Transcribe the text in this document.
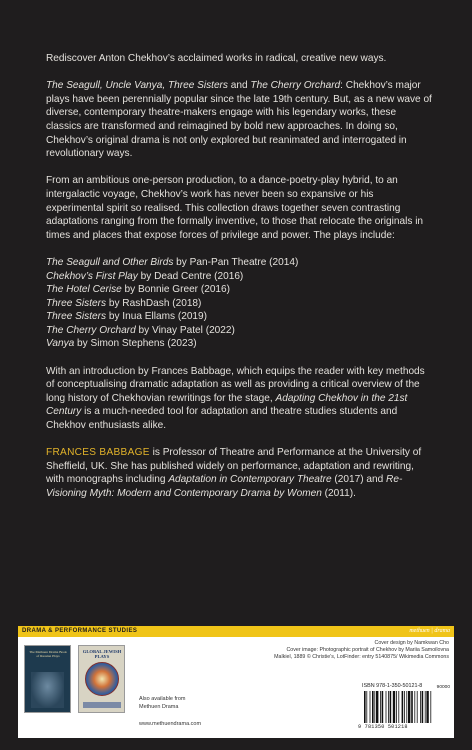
Rediscover Anton Chekhov’s acclaimed works in radical, creative new ways.

The Seagull, Uncle Vanya, Three Sisters and The Cherry Orchard: Chekhov’s major plays have been perennially popular since the late 19th century. But, as a new wave of diverse, contemporary theatre-makers engage with his legendary works, these classics are transformed and reimagined by bold new approaches. In doing so, Chekhov’s original drama is not only explored but reanimated and interrogated in revolutionary ways.

From an ambitious one-person production, to a dance-poetry-play hybrid, to an intergalactic voyage, Chekhov’s work has never been so expansive or his experimental spirit so realised. This collection draws together seven contrasting adaptations ranging from the formally inventive, to those that relocate the originals in times and places that expose forces of privilege and power. The plays include:

The Seagull and Other Birds by Pan-Pan Theatre (2014)
Chekhov’s First Play by Dead Centre (2016)
The Hotel Cerise by Bonnie Greer (2016)
Three Sisters by RashDash (2018)
Three Sisters by Inua Ellams (2019)
The Cherry Orchard by Vinay Patel (2022)
Vanya by Simon Stephens (2023)

With an introduction by Frances Babbage, which equips the reader with key methods of conceptualising dramatic adaptation as well as providing a critical overview of the long history of Chekhovian rewritings for the stage, Adapting Chekhov in the 21st Century is a much-needed tool for adaptation and theatre studies students and Chekhov enthusiasts alike.

FRANCES BABBAGE is Professor of Theatre and Performance at the University of Sheffield, UK. She has published widely on performance, adaptation and rewriting, with monographs including Adaptation in Contemporary Theatre (2017) and Re-Visioning Myth: Modern and Contemporary Drama by Women (2011).

DRAMA & PERFORMANCE STUDIES	methuen | drama
The Methuen Drama Book of Russian Plays
GLOBAL JEWISH PLAYS
Also available from
Methuen Drama
www.methuendrama.com
Cover design by Namkwan Cho
Cover image: Photographic portrait of Chekhov by Mariia Samoilovna
Malkiel, 1889 © Christie’s, LotFinder: entry 5140875/ Wikimedia Commons
ISBN 978-1-350-50121-8	90000
9 781350 501218
